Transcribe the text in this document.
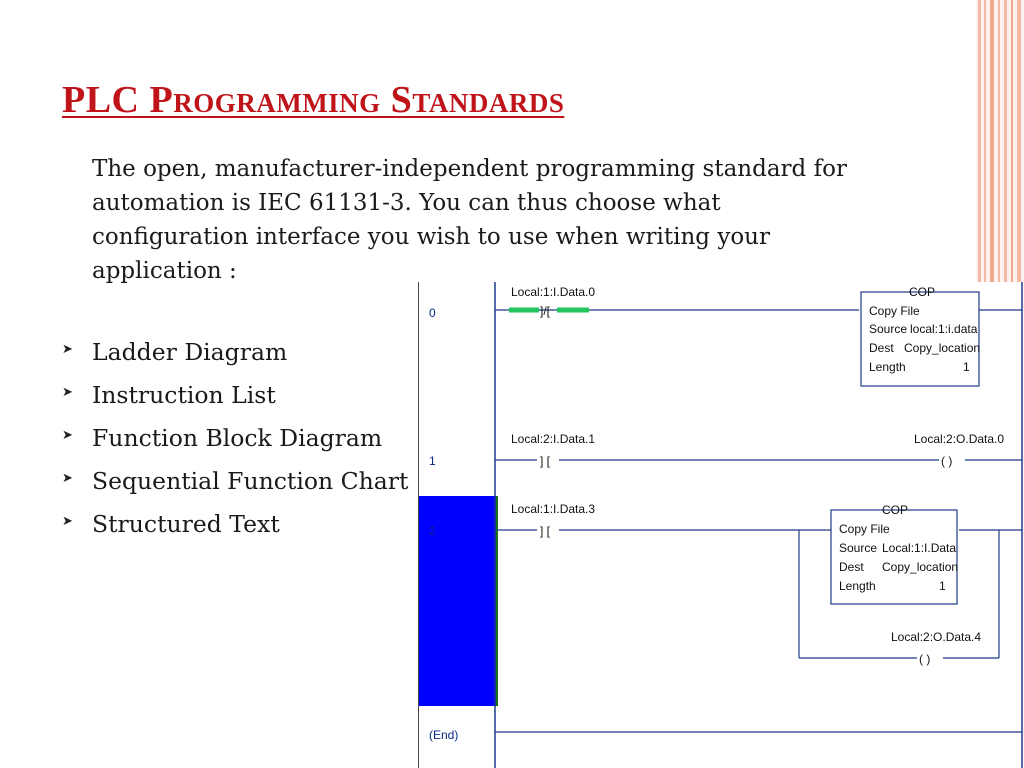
PLC Programming Standards

The open, manufacturer-independent programming standard for automation is IEC 61131-3. You can thus choose what configuration interface you wish to use when writing your application :

0
1
2
(End)
Local:1:I.Data.0
]/[
COP
Copy File
Source local:1:i.data
Dest Copy_location
Length	1
Local:2:I.Data.1
] [
Local:2:O.Data.0
( )
Local:1:I.Data.3
] [
COP
Copy File
Source Local:1:I.Data
Dest Copy_location
Length	1
Local:2:O.Data.4
( )
➤ Ladder Diagram
➤ Instruction List
➤ Function Block Diagram
➤ Sequential Function Chart
➤ Structured Text
